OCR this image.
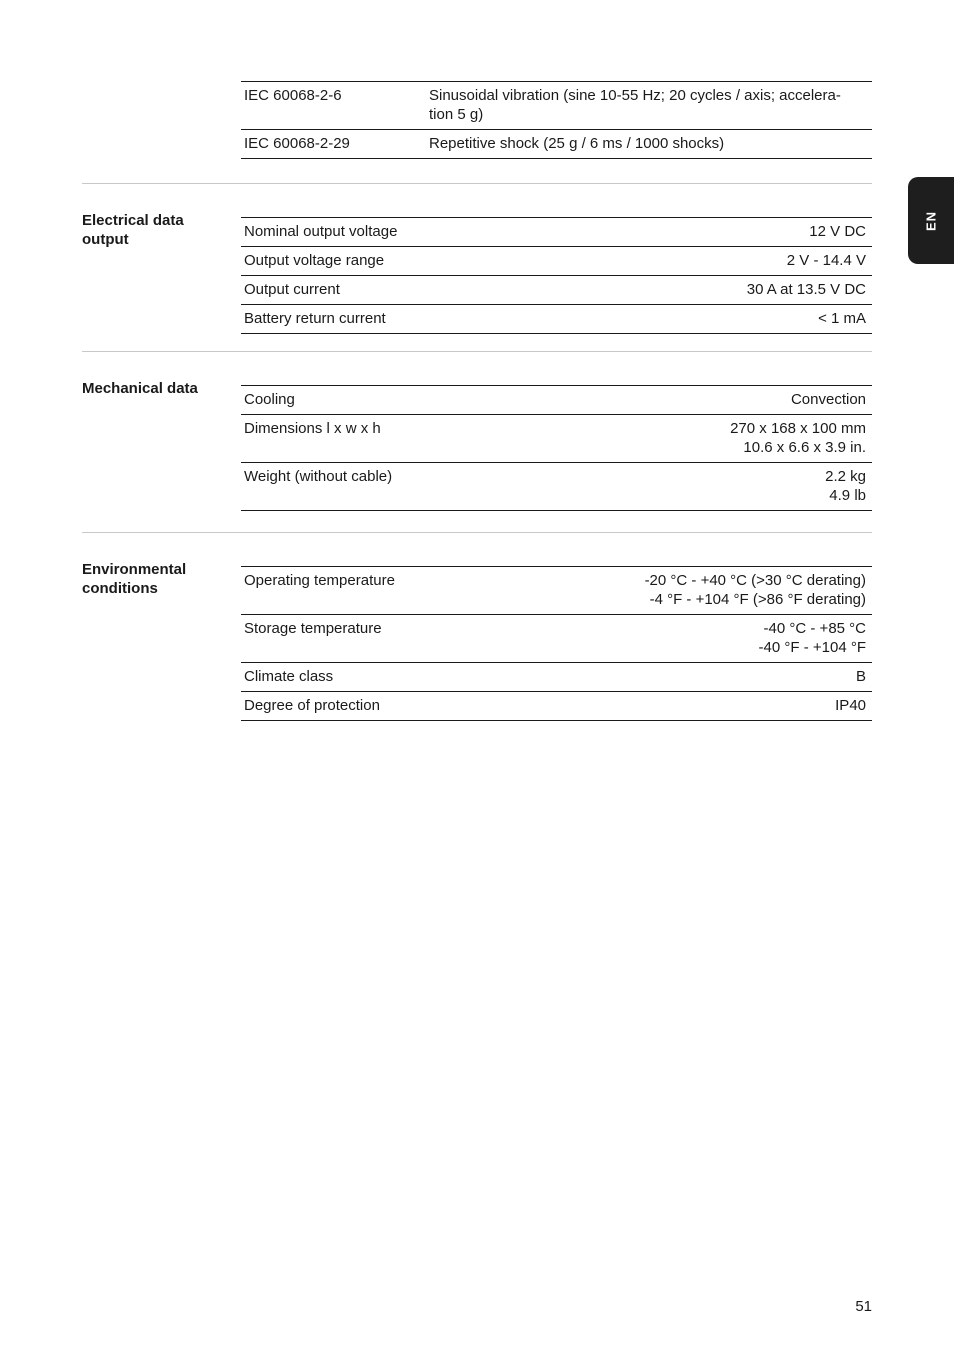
EN
IEC 60068-2-6	Sinusoidal vibration (sine 10-55 Hz; 20 cycles / axis; accelera-
tion 5 g)
IEC 60068-2-29	Repetitive shock (25 g / 6 ms / 1000 shocks)
Electrical data
output	Nominal output voltage	12 V DC
Output voltage range	2 V - 14.4 V
Output current	30 A at 13.5 V DC
Battery return current	< 1 mA
Mechanical data
Cooling	Convection
Dimensions l x w x h	270 x 168 x 100 mm
10.6 x 6.6 x 3.9 in.
Weight (without cable)	2.2 kg
4.9 lb
Environmental
conditions	Operating temperature	-20 °C - +40 °C (>30 °C derating)
-4 °F - +104 °F (>86 °F derating)
Storage temperature	-40 °C - +85 °C
-40 °F - +104 °F
Climate class	B
Degree of protection	IP40
51
